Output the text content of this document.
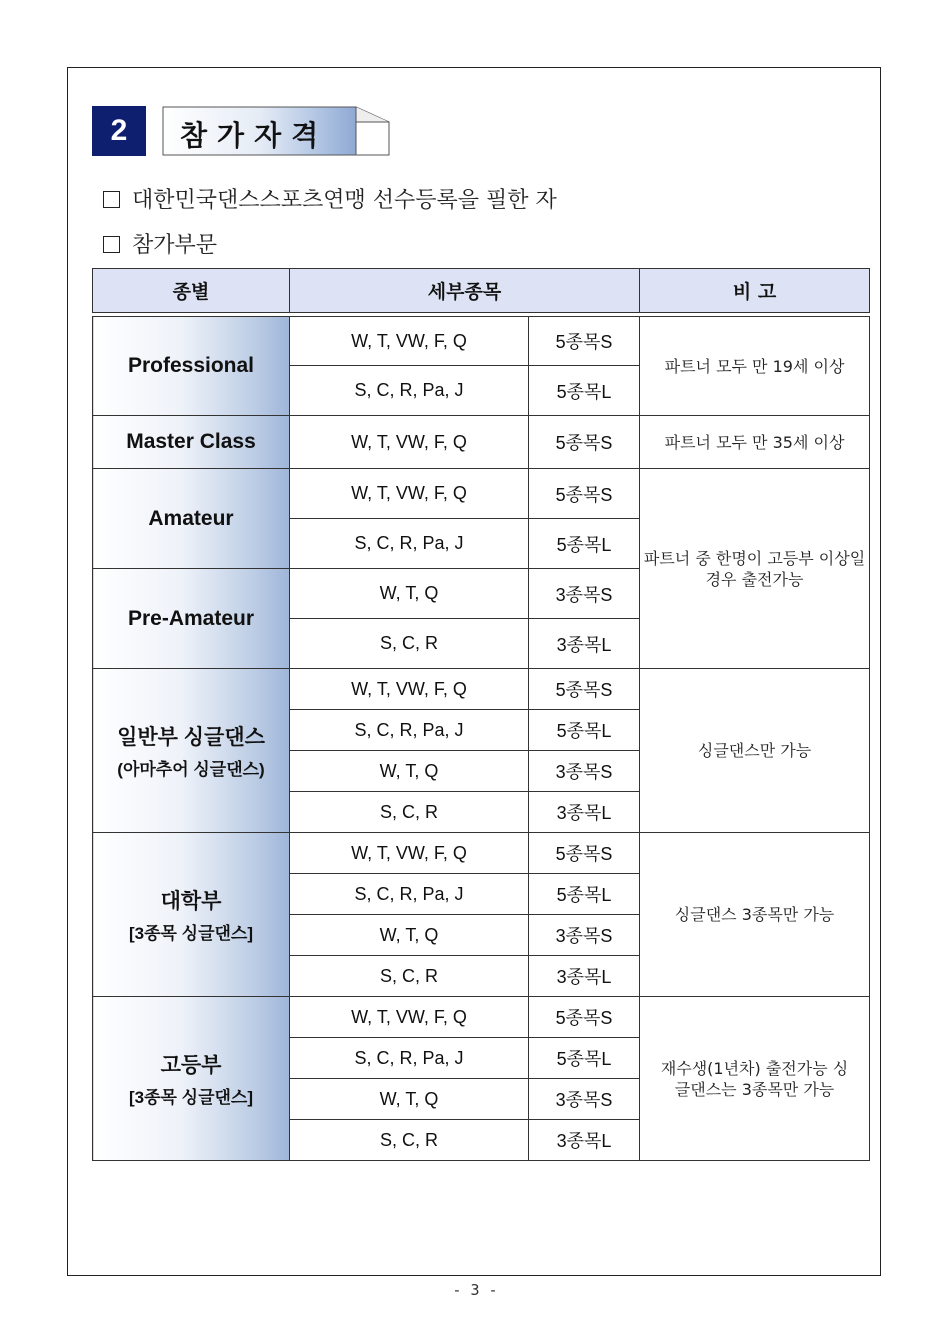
2	참가자격
대한민국댄스스포츠연맹 선수등록을 필한 자
참가부문
종별	세부종목		비 고

Professional	W, T, VW, F, Q	5종목S	파트너 모두 만 19세 이상
	S, C, R, Pa, J	5종목L	
Master Class	W, T, VW, F, Q	5종목S	파트너 모두 만 35세 이상
Amateur	W, T, VW, F, Q	5종목S	파트너 중 한명이 고등부 이상일 경우 출전가능
	S, C, R, Pa, J	5종목L	
Pre-Amateur	W, T, Q	3종목S	
	S, C, R	3종목L	
일반부 싱글댄스
(아마추어 싱글댄스)	W, T, VW, F, Q	5종목S	싱글댄스만 가능
	S, C, R, Pa, J	5종목L	
	W, T, Q	3종목S	
	S, C, R	3종목L	
대학부
[3종목 싱글댄스]	W, T, VW, F, Q	5종목S	싱글댄스 3종목만 가능
	S, C, R, Pa, J	5종목L	
	W, T, Q	3종목S	
	S, C, R	3종목L	
고등부
[3종목 싱글댄스]	W, T, VW, F, Q	5종목S	재수생(1년차) 출전가능 싱글댄스는 3종목만 가능
	S, C, R, Pa, J	5종목L	
	W, T, Q	3종목S	
	S, C, R	3종목L	
- 3 -
